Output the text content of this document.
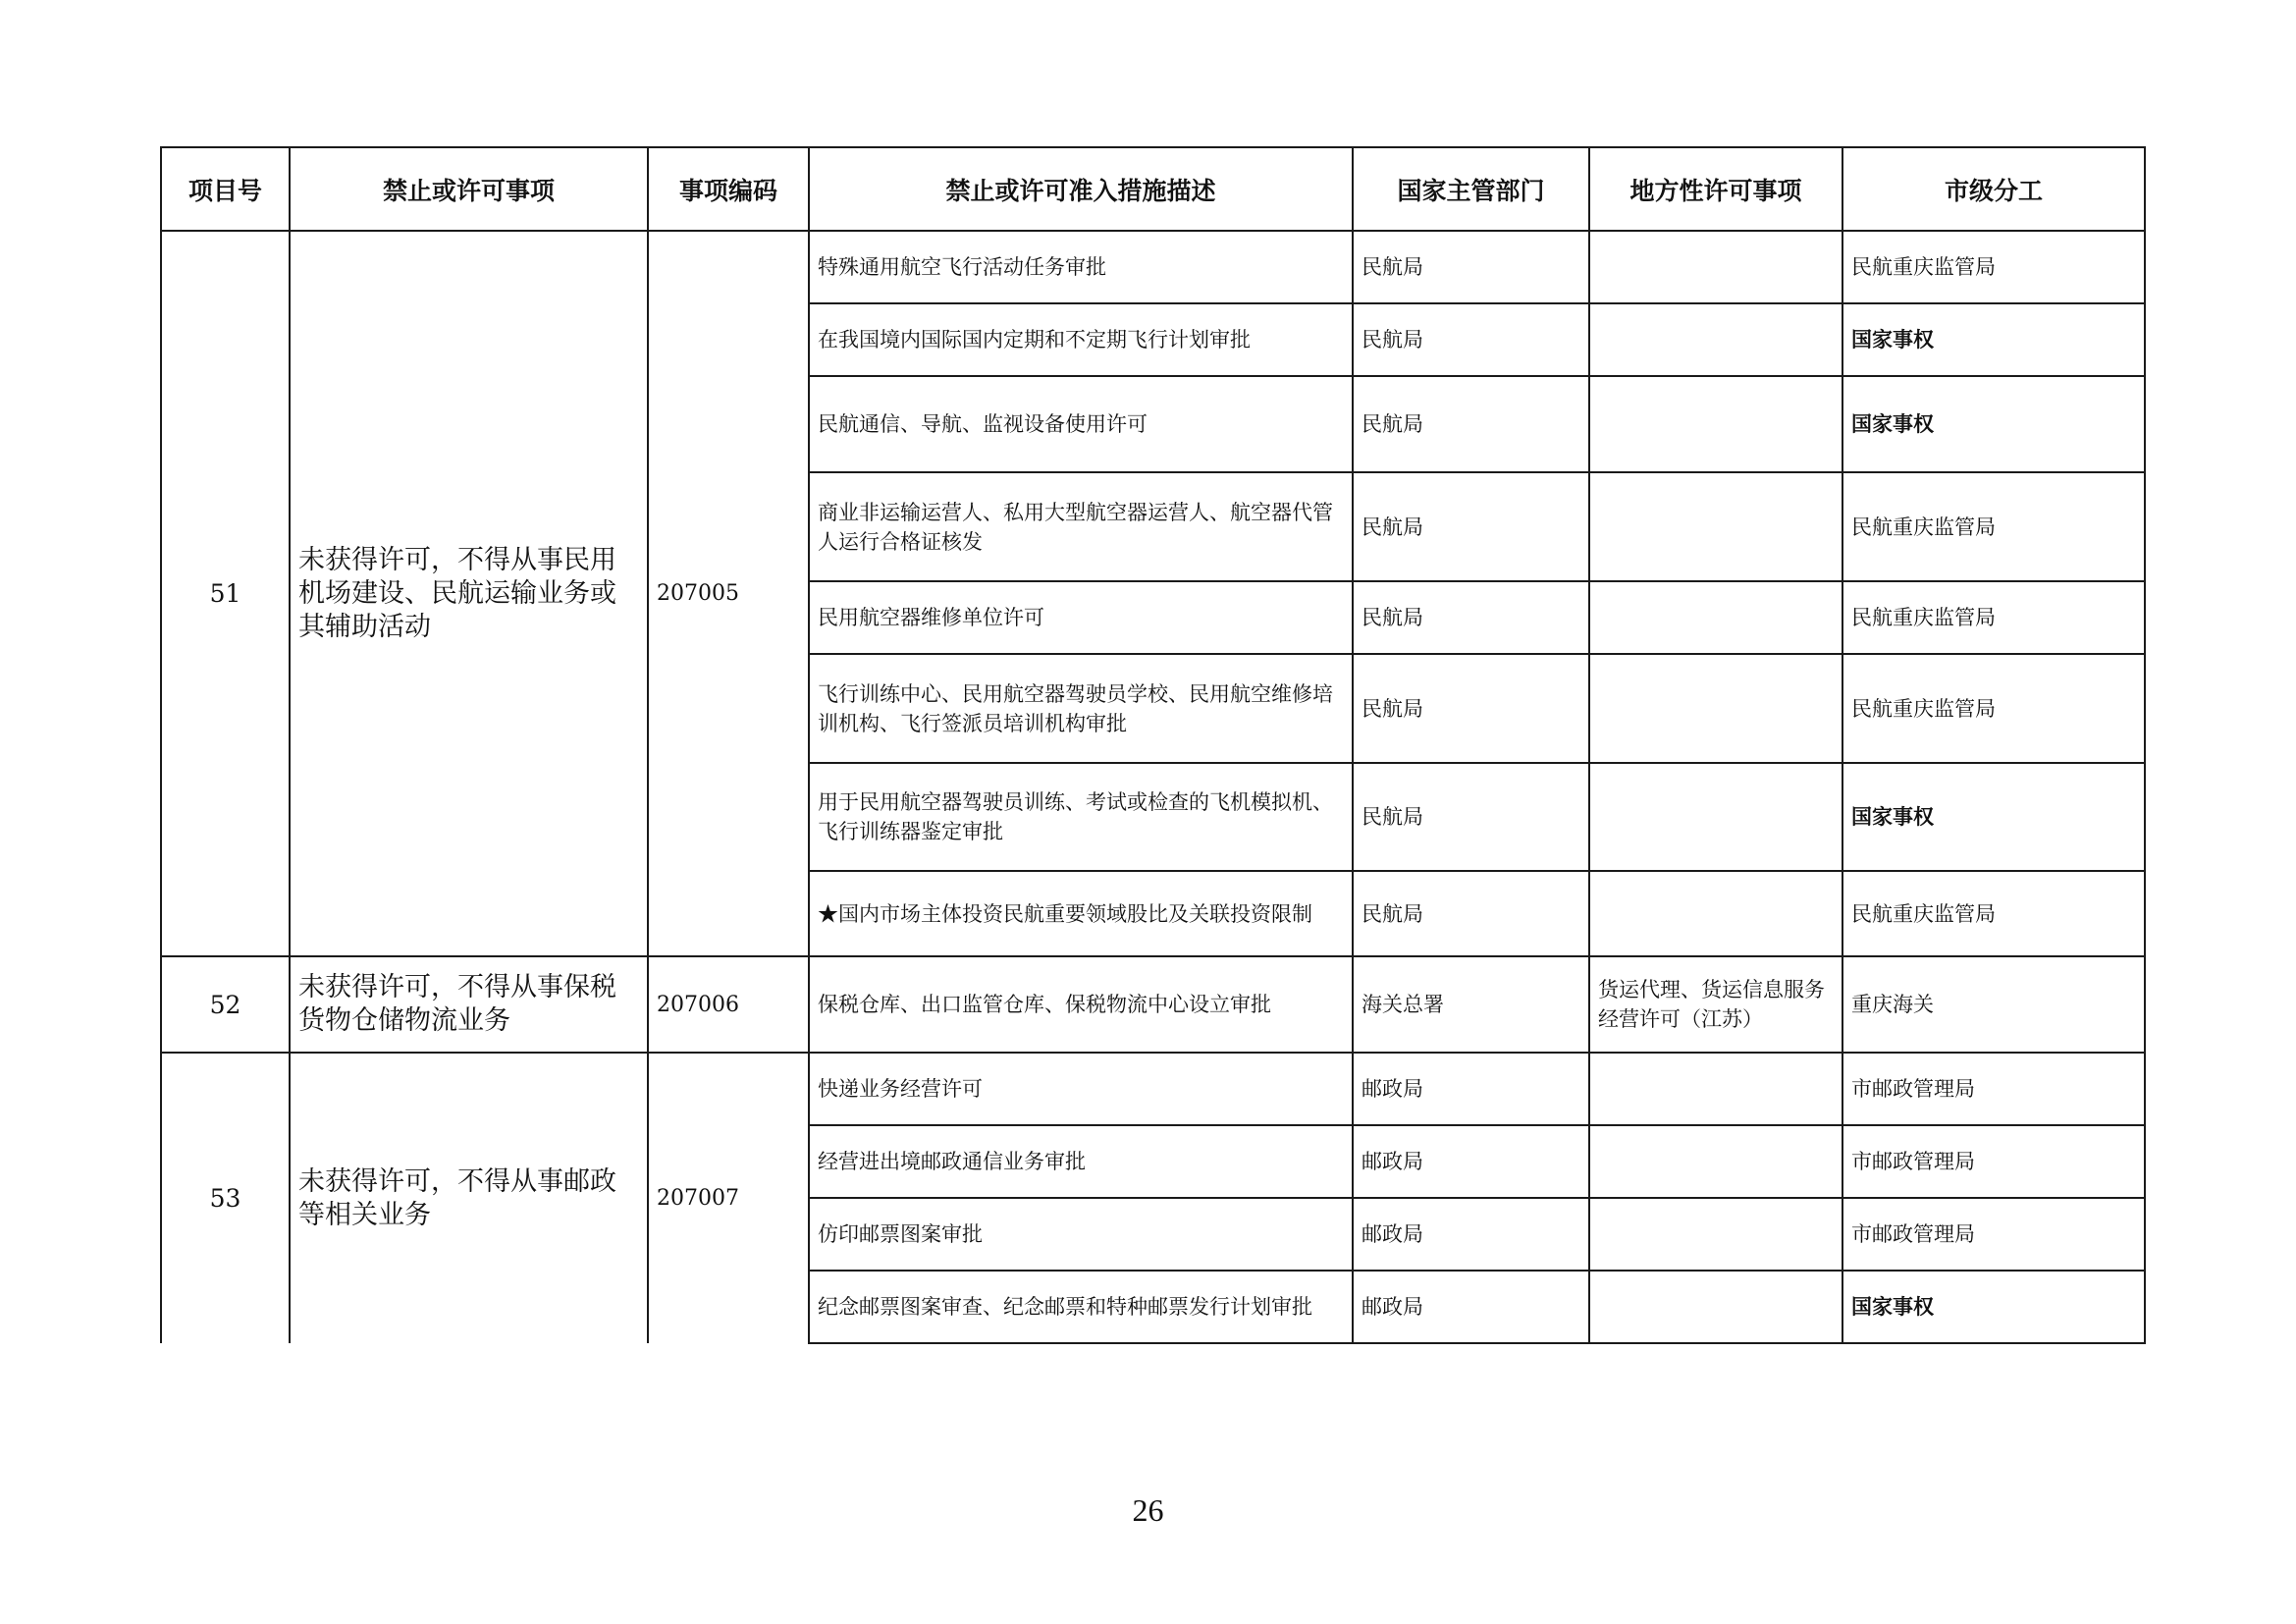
项目号	禁止或许可事项	事项编码	禁止或许可准入措施描述	国家主管部门	地方性许可事项	市级分工
51	未获得许可，不得从事民用机场建设、民航运输业务或其辅助活动	207005	特殊通用航空飞行活动任务审批	民航局		民航重庆监管局
			在我国境内国际国内定期和不定期飞行计划审批	民航局		国家事权
			民航通信、导航、监视设备使用许可	民航局		国家事权
			商业非运输运营人、私用大型航空器运营人、航空器代管人运行合格证核发	民航局		民航重庆监管局
			民用航空器维修单位许可	民航局		民航重庆监管局
			飞行训练中心、民用航空器驾驶员学校、民用航空维修培训机构、飞行签派员培训机构审批	民航局		民航重庆监管局
			用于民用航空器驾驶员训练、考试或检查的飞机模拟机、飞行训练器鉴定审批	民航局		国家事权
			★国内市场主体投资民航重要领域股比及关联投资限制	民航局		民航重庆监管局
52	未获得许可，不得从事保税货物仓储物流业务	207006	保税仓库、出口监管仓库、保税物流中心设立审批	海关总署	货运代理、货运信息服务经营许可（江苏）	重庆海关
53	未获得许可，不得从事邮政等相关业务	207007	快递业务经营许可	邮政局		市邮政管理局
			经营进出境邮政通信业务审批	邮政局		市邮政管理局
			仿印邮票图案审批	邮政局		市邮政管理局
			纪念邮票图案审查、纪念邮票和特种邮票发行计划审批	邮政局		国家事权
26
